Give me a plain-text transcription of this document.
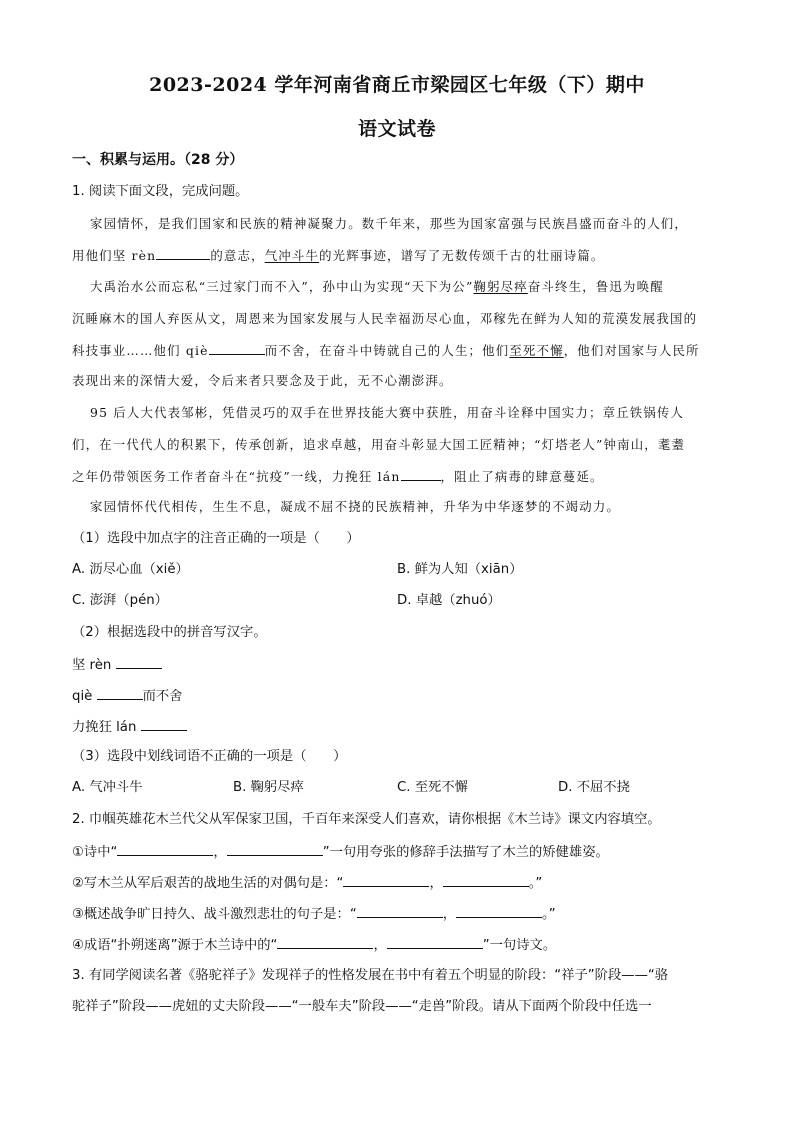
2023-2024 学年河南省商丘市梁园区七年级（下）期中
语文试卷
一、积累与运用。（28 分）
1. 阅读下面文段，完成问题。
家园情怀，是我们国家和民族的精神凝聚力。数千年来，那些为国家富强与民族昌盛而奋斗的人们，
用他们坚 rèn	的意志，气冲斗牛的光辉事迹，谱写了无数传颂千古的壮丽诗篇。
大禹治水公而忘私“三过家门而不入”，孙中山为实现“天下为公”鞠躬尽瘁奋斗终生，鲁迅为唤醒
沉睡麻木的国人弃医从文，周恩来为国家发展与人民幸福沥尽心血，邓稼先在鲜为人知的荒漠发展我国的
科技事业……他们 qiè	而不舍，在奋斗中铸就自己的人生；他们至死不懈，他们对国家与人民所
表现出来的深情大爱，令后来者只要念及于此，无不心潮澎湃。
95 后人大代表邹彬，凭借灵巧的双手在世界技能大赛中获胜，用奋斗诠释中国实力；章丘铁锅传人
们，在一代代人的积累下，传承创新，追求卓越，用奋斗彰显大国工匠精神；“灯塔老人”钟南山，耄耋
之年仍带领医务工作者奋斗在“抗疫”一线，力挽狂 lán	，阻止了病毒的肆意蔓延。
家园情怀代代相传，生生不息，凝成不屈不挠的民族精神，升华为中华逐梦的不竭动力。
（1）选段中加点字的注音正确的一项是（　　）
A. 沥尽心血（xiě）	B. 鲜为人知（xiān）
C. 澎湃（pén）	D. 卓越（zhuó）
（2）根据选段中的拼音写汉字。
坚 rèn
qiè	而不舍
力挽狂 lán
（3）选段中划线词语不正确的一项是（　　）
A. 气冲斗牛	B. 鞠躬尽瘁	C. 至死不懈	D. 不屈不挠
2. 巾帼英雄花木兰代父从军保家卫国，千百年来深受人们喜欢，请你根据《木兰诗》课文内容填空。
①诗中“	，	”一句用夸张的修辞手法描写了木兰的矫健雄姿。
②写木兰从军后艰苦的战地生活的对偶句是：“	，	。”
③概述战争旷日持久、战斗激烈悲壮的句子是：“	，	。”
④成语“扑朔迷离”源于木兰诗中的“	，	”一句诗文。
3. 有同学阅读名著《骆驼祥子》发现祥子的性格发展在书中有着五个明显的阶段：“祥子”阶段——“骆
驼祥子”阶段——虎妞的丈夫阶段——“一般车夫”阶段——“走兽”阶段。请从下面两个阶段中任选一
